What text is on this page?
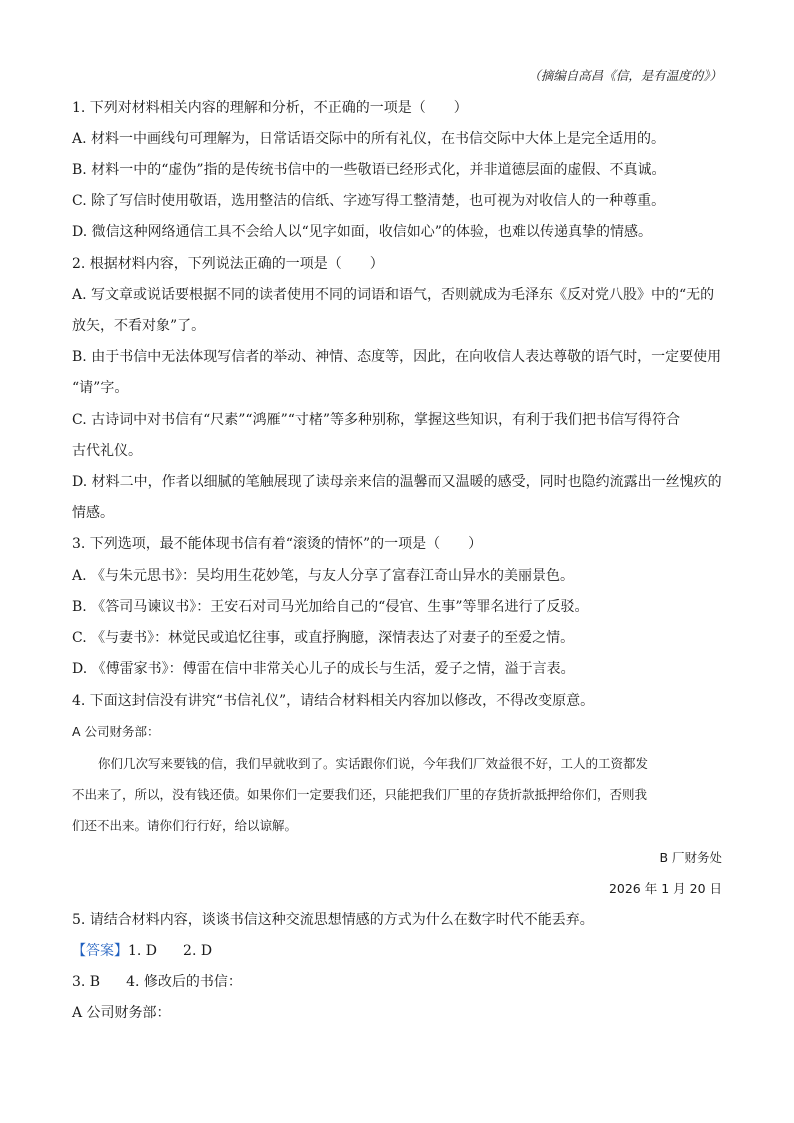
（摘编自高昌《信，是有温度的》）
1. 下列对材料相关内容的理解和分析，不正确的一项是（　　）
A. 材料一中画线句可理解为，日常话语交际中的所有礼仪，在书信交际中大体上是完全适用的。
B. 材料一中的“虚伪”指的是传统书信中的一些敬语已经形式化，并非道德层面的虚假、不真诚。
C. 除了写信时使用敬语，选用整洁的信纸、字迹写得工整清楚，也可视为对收信人的一种尊重。
D. 微信这种网络通信工具不会给人以“见字如面，收信如心”的体验，也难以传递真挚的情感。
2. 根据材料内容，下列说法正确的一项是（　　）
A. 写文章或说话要根据不同的读者使用不同的词语和语气，否则就成为毛泽东《反对党八股》中的“无的
放矢，不看对象”了。
B. 由于书信中无法体现写信者的举动、神情、态度等，因此，在向收信人表达尊敬的语气时，一定要使用
“请”字。
C. 古诗词中对书信有“尺素”“鸿雁”“寸楮”等多种别称，掌握这些知识，有利于我们把书信写得符合
古代礼仪。
D. 材料二中，作者以细腻的笔触展现了读母亲来信的温馨而又温暖的感受，同时也隐约流露出一丝愧疚的
情感。
3. 下列选项，最不能体现书信有着“滚烫的情怀”的一项是（　　）
A. 《与朱元思书》：吴均用生花妙笔，与友人分享了富春江奇山异水的美丽景色。
B. 《答司马谏议书》：王安石对司马光加给自己的“侵官、生事”等罪名进行了反驳。
C. 《与妻书》：林觉民或追忆往事，或直抒胸臆，深情表达了对妻子的至爱之情。
D. 《傅雷家书》：傅雷在信中非常关心儿子的成长与生活，爱子之情，溢于言表。
4. 下面这封信没有讲究“书信礼仪”，请结合材料相关内容加以修改，不得改变原意。
A 公司财务部：
你们几次写来要钱的信，我们早就收到了。实话跟你们说，今年我们厂效益很不好，工人的工资都发
不出来了，所以，没有钱还债。如果你们一定要我们还，只能把我们厂里的存货折款抵押给你们，否则我
们还不出来。请你们行行好，给以谅解。
B 厂财务处
2026 年 1 月 20 日
5. 请结合材料内容，谈谈书信这种交流思想情感的方式为什么在数字时代不能丢弃。
【答案】1. D 2. D
3. B 4. 修改后的书信：
A 公司财务部：
